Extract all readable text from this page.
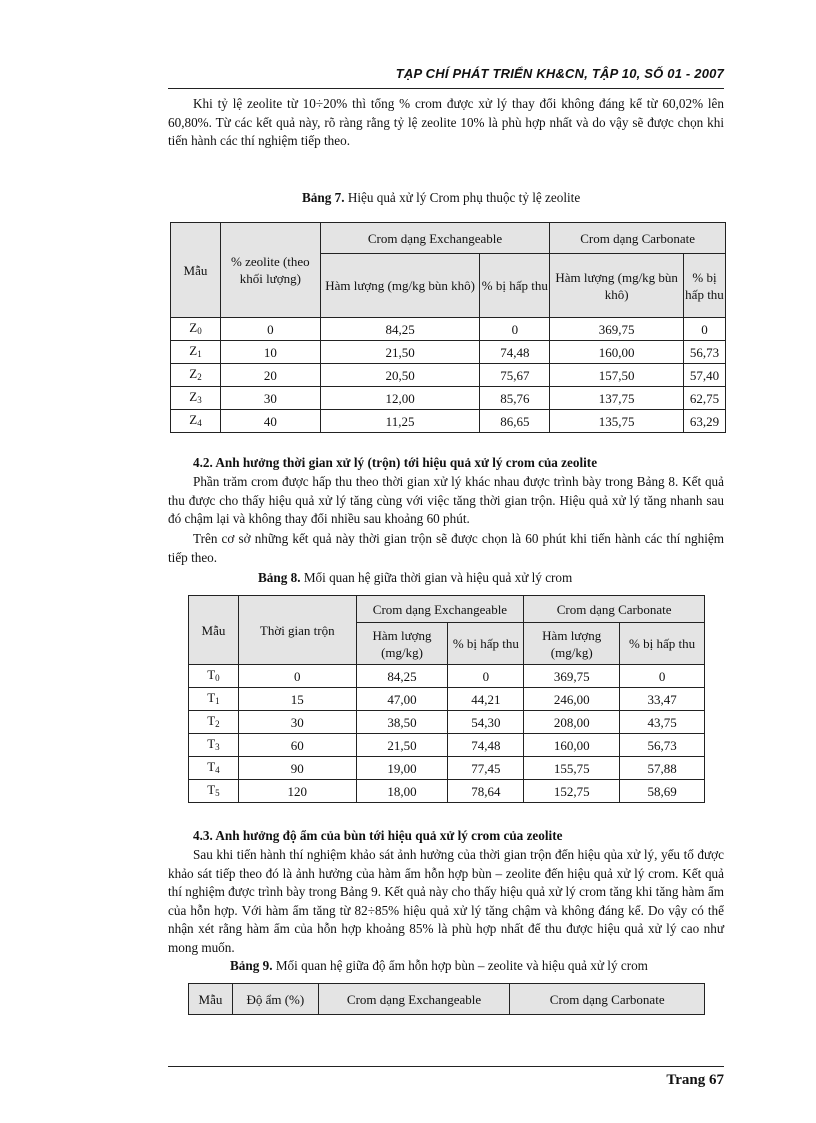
TẠP CHÍ PHÁT TRIỂN KH&CN, TẬP 10, SỐ 01 - 2007

Khi tỷ lệ zeolite từ 10÷20% thì tổng % crom được xử lý thay đổi không đáng kể từ 60,02% lên 60,80%. Từ các kết quả này, rõ ràng rằng tỷ lệ zeolite 10% là phù hợp nhất và do vậy sẽ được chọn khi tiến hành các thí nghiệm tiếp theo.

Bảng 7. Hiệu quả xử lý Crom phụ thuộc tỷ lệ zeolite

Mẫu	% zeolite (theo khối lượng)	Crom dạng Exchangeable		Crom dạng Carbonate	
		Hàm lượng (mg/kg bùn khô)	% bị hấp thu	Hàm lượng (mg/kg bùn khô)	% bị hấp thu
$Z_0$	0	84,25	0	369,75	0
$Z_1$	10	21,50	74,48	160,00	56,73
$Z_2$	20	20,50	75,67	157,50	57,40
$Z_3$	30	12,00	85,76	137,75	62,75
$Z_4$	40	11,25	86,65	135,75	63,29

4.2. Anh hưởng thời gian xử lý (trộn) tới hiệu quả xử lý crom của zeolite

Phần trăm crom được hấp thu theo thời gian xử lý khác nhau được trình bày trong Bảng 8. Kết quả thu được cho thấy hiệu quả xử lý tăng cùng với việc tăng thời gian trộn. Hiệu quả xử lý tăng nhanh sau đó chậm lại và không thay đổi nhiều sau khoảng 60 phút.

Trên cơ sở những kết quả này thời gian trộn sẽ được chọn là 60 phút khi tiến hành các thí nghiệm tiếp theo.

Bảng 8. Mối quan hệ giữa thời gian và hiệu quả xử lý crom

Mẫu	Thời gian trộn	Crom dạng Exchangeable		Crom dạng Carbonate	
		Hàm lượng (mg/kg)	% bị hấp thu	Hàm lượng (mg/kg)	% bị hấp thu
$T_0$	0	84,25	0	369,75	0
$T_1$	15	47,00	44,21	246,00	33,47
$T_2$	30	38,50	54,30	208,00	43,75
$T_3$	60	21,50	74,48	160,00	56,73
$T_4$	90	19,00	77,45	155,75	57,88
$T_5$	120	18,00	78,64	152,75	58,69

4.3. Anh hưởng độ ẩm của bùn tới hiệu quả xử lý crom của zeolite

Sau khi tiến hành thí nghiệm khảo sát ảnh hưởng của thời gian trộn đến hiệu qủa xử lý, yếu tố được khảo sát tiếp theo đó là ảnh hưởng của hàm ẩm hỗn hợp bùn – zeolite đến hiệu quả xử lý crom. Kết quả thí nghiệm được trình bày trong Bảng 9. Kết quả này cho thấy hiệu quả xử lý crom tăng khi tăng hàm ẩm của hỗn hợp. Với hàm ẩm tăng từ 82÷85% hiệu quả xử lý tăng chậm và không đáng kể. Do vậy có thể nhận xét rằng hàm ẩm của hỗn hợp khoảng 85% là phù hợp nhất để thu được hiệu quả xử lý cao như mong muốn.

Bảng 9. Mối quan hệ giữa độ ẩm hỗn hợp bùn – zeolite và hiệu quả xử lý crom

Mẫu	Độ ẩm (%)	Crom dạng Exchangeable	Crom dạng Carbonate
Trang 67
